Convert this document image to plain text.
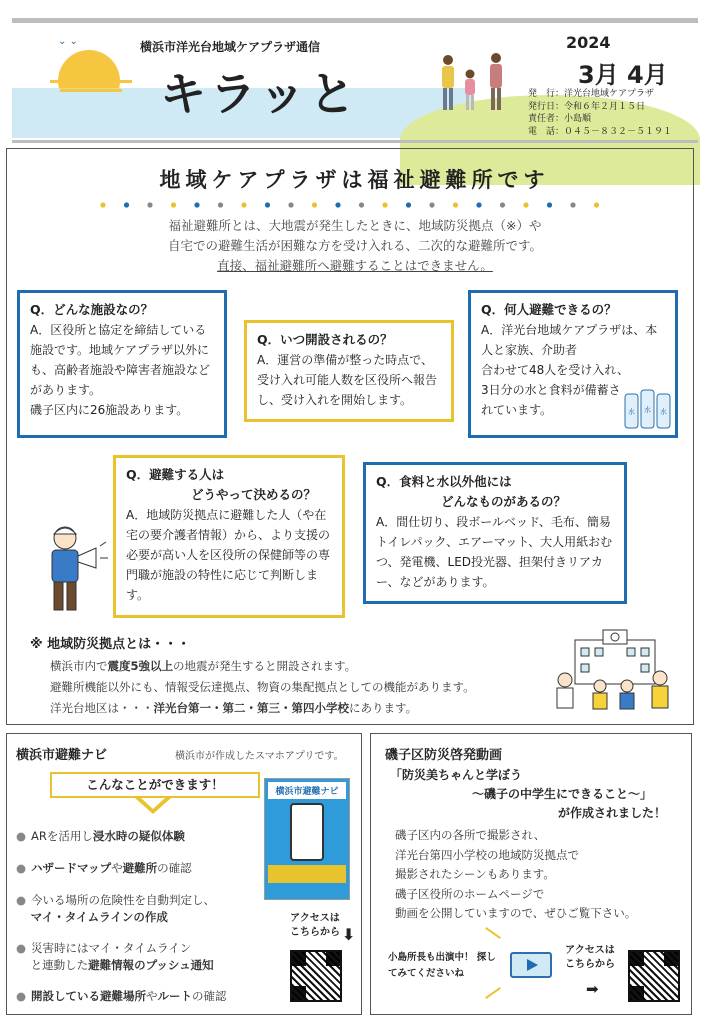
⌄ ⌄	横浜市洋光台地域ケアプラザ通信
キラッと
2024
3月 4月
発　行：洋光台地域ケアプラザ
発行日：令和６年２月１５日
責任者：小島順
電　話：０４５－８３２－５１９１
地域ケアプラザは福祉避難所です
福祉避難所とは、大地震が発生したときに、地域防災拠点（※）や
自宅での避難生活が困難な方を受け入れる、二次的な避難所です。
直接、福祉避難所へ避難することはできません。
Q．どんな施設なの？
A．区役所と協定を締結している施設です。地域ケアプラザ以外にも、高齢者施設や障害者施設などがあります。
磯子区内に26施設あります。
Q．いつ開設されるの？
A．運営の準備が整った時点で、受け入れ可能人数を区役所へ報告し、受け入れを開始します。
Q．何人避難できるの？
A．洋光台地域ケアプラザは、本人と家族、介助者
合わせて48人を受け入れ、3日分の水と食料が備蓄されています。	水 水 水
Q．避難する人は
どうやって決めるの？
A．地域防災拠点に避難した人（や在宅の要介護者情報）から、より支援の必要が高い人を区役所の保健師等の専門職が施設の特性に応じて判断します。
Q．食料と水以外他には
どんなものがあるの？
A．間仕切り、段ボールベッド、毛布、簡易トイレパック、エアーマット、大人用紙おむつ、発電機、LED投光器、担架付きリアカー、などがあります。
※ 地域防災拠点とは・・・
横浜市内で震度5強以上の地震が発生すると開設されます。
避難所機能以外にも、情報受伝達拠点、物資の集配拠点としての機能があります。
洋光台地区は・・・洋光台第一・第二・第三・第四小学校にあります。
横浜市避難ナビ	横浜市が作成したスマホアプリです。
こんなことができます！
● ARを活用し浸水時の疑似体験
● ハザードマップや避難所の確認
● 今いる場所の危険性を自動判定し、
マイ・タイムラインの作成
● 災害時にはマイ・タイムライン
と連動した避難情報のプッシュ通知
● 開設している避難場所やルートの確認
横浜市避難ナビ
アクセスは こちらから ⬇
磯子区防災啓発動画
「防災美ちゃんと学ぼう
～磯子の中学生にできること～」
が作成されました！
磯子区内の各所で撮影され、
洋光台第四小学校の地域防災拠点で
撮影されたシーンもあります。
磯子区役所のホームページで
動画を公開していますので、ぜひご覧下さい。
小島所長も出演中！ 探してみてくださいね
アクセスは こちらから
➡
